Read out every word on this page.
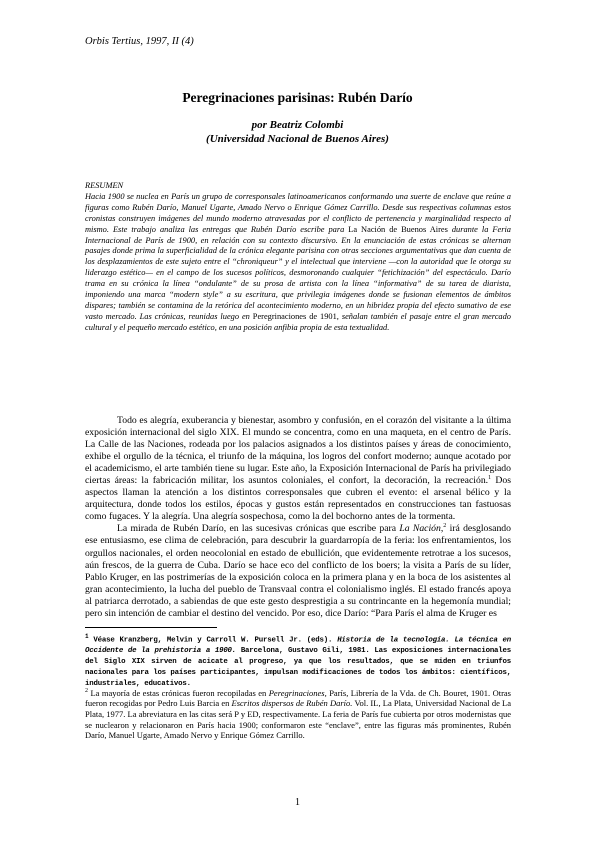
Orbis Tertius, 1997, II (4)
Peregrinaciones parisinas: Rubén Darío
por Beatriz Colombi
(Universidad Nacional de Buenos Aires)
RESUMEN
Hacia 1900 se nuclea en París un grupo de corresponsales latinoamericanos conformando una suerte de enclave que reúne a figuras como Rubén Darío, Manuel Ugarte, Amado Nervo o Enrique Gómez Carrillo. Desde sus respectivas columnas estos cronistas construyen imágenes del mundo moderno atravesadas por el conflicto de pertenencia y marginalidad respecto al mismo. Este trabajo analiza las entregas que Rubén Darío escribe para La Nación de Buenos Aires durante la Feria Internacional de París de 1900, en relación con su contexto discursivo. En la enunciación de estas crónicas se alternan pasajes donde prima la superficialidad de la crónica elegante parisina con otras secciones argumentativas que dan cuenta de los desplazamientos de este sujeto entre el “chroniqueur” y el intelectual que interviene —con la autoridad que le otorga su liderazgo estético— en el campo de los sucesos políticos, desmoronando cualquier “fetichización” del espectáculo. Darío trama en su crónica la línea “ondulante” de su prosa de artista con la línea “informativa” de su tarea de diarista, imponiendo una marca “modern style” a su escritura, que privilegia imágenes donde se fusionan elementos de ámbitos dispares; también se contamina de la retórica del acontecimiento moderno, en un hibridez propia del efecto sumativo de ese vasto mercado. Las crónicas, reunidas luego en Peregrinaciones de 1901, señalan también el pasaje entre el gran mercado cultural y el pequeño mercado estético, en una posición anfibia propia de esta textualidad.

Todo es alegría, exuberancia y bienestar, asombro y confusión, en el corazón del visitante a la última exposición internacional del siglo XIX. El mundo se concentra, como en una maqueta, en el centro de París. La Calle de las Naciones, rodeada por los palacios asignados a los distintos países y áreas de conocimiento, exhibe el orgullo de la técnica, el triunfo de la máquina, los logros del confort moderno; aunque acotado por el academicismo, el arte también tiene su lugar. Este año, la Exposición Internacional de París ha privilegiado ciertas áreas: la fabricación militar, los asuntos coloniales, el confort, la decoración, la recreación.$^1$ Dos aspectos llaman la atención a los distintos corresponsales que cubren el evento: el arsenal bélico y la arquitectura, donde todos los estilos, épocas y gustos están representados en construcciones tan fastuosas como fugaces. Y la alegría. Una alegría sospechosa, como la del bochorno antes de la tormenta.

La mirada de Rubén Darío, en las sucesivas crónicas que escribe para La Nación,$^2$ irá desglosando ese entusiasmo, ese clima de celebración, para descubrir la guardarropía de la feria: los enfrentamientos, los orgullos nacionales, el orden neocolonial en estado de ebullición, que evidentemente retrotrae a los sucesos, aún frescos, de la guerra de Cuba. Darío se hace eco del conflicto de los boers; la visita a París de su líder, Pablo Kruger, en las postrimerías de la exposición coloca en la primera plana y en la boca de los asistentes al gran acontecimiento, la lucha del pueblo de Transvaal contra el colonialismo inglés. El estado francés apoya al patriarca derrotado, a sabiendas de que este gesto desprestigia a su contrincante en la hegemonía mundial; pero sin intención de cambiar el destino del vencido. Por eso, dice Darío: “Para París el alma de Kruger es

$^1$ Véase Kranzberg, Melvin y Carroll W. Pursell Jr. (eds). Historia de la tecnología. La técnica en Occidente de la prehistoria a 1900. Barcelona, Gustavo Gili, 1981. Las exposiciones internacionales del Siglo XIX sirven de acicate al progreso, ya que los resultados, que se miden en triunfos nacionales para los países participantes, impulsan modificaciones de todos los ámbitos: científicos, industriales, educativos.
$^2$ La mayoría de estas crónicas fueron recopiladas en Peregrinaciones, París, Librería de la Vda. de Ch. Bouret, 1901. Otras fueron recogidas por Pedro Luis Barcia en Escritos dispersos de Rubén Darío. Vol. IL, La Plata, Universidad Nacional de La Plata, 1977. La abreviatura en las citas será P y ED, respectivamente. La feria de París fue cubierta por otros modernistas que se nuclearon y relacionaron en París hacia 1900; conformaron este “enclave”, entre las figuras más prominentes, Rubén Darío, Manuel Ugarte, Amado Nervo y Enrique Gómez Carrillo.
1
